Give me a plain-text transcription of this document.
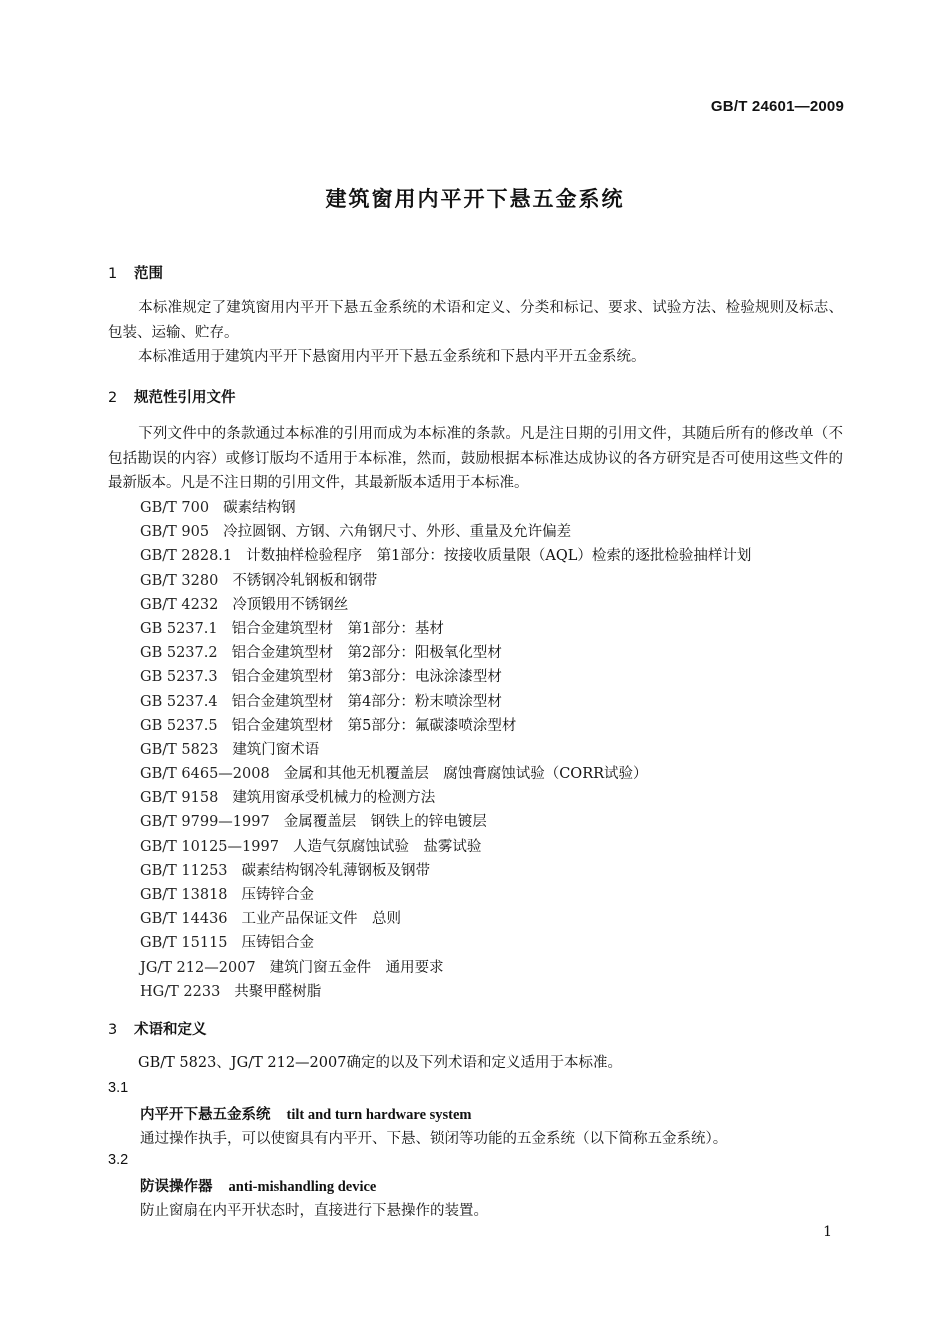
GB/T 24601—2009
建筑窗用内平开下悬五金系统
1 范围
本标准规定了建筑窗用内平开下悬五金系统的术语和定义、分类和标记、要求、试验方法、检验规则及标志、包装、运输、贮存。
本标准适用于建筑内平开下悬窗用内平开下悬五金系统和下悬内平开五金系统。
2 规范性引用文件
下列文件中的条款通过本标准的引用而成为本标准的条款。凡是注日期的引用文件，其随后所有的修改单（不包括勘误的内容）或修订版均不适用于本标准，然而，鼓励根据本标准达成协议的各方研究是否可使用这些文件的最新版本。凡是不注日期的引用文件，其最新版本适用于本标准。
GB/T 700 碳素结构钢
GB/T 905 冷拉圆钢、方钢、六角钢尺寸、外形、重量及允许偏差
GB/T 2828.1 计数抽样检验程序　第1部分：按接收质量限（AQL）检索的逐批检验抽样计划
GB/T 3280 不锈钢冷轧钢板和钢带
GB/T 4232 冷顶锻用不锈钢丝
GB 5237.1 铝合金建筑型材　第1部分：基材
GB 5237.2 铝合金建筑型材　第2部分：阳极氧化型材
GB 5237.3 铝合金建筑型材　第3部分：电泳涂漆型材
GB 5237.4 铝合金建筑型材　第4部分：粉末喷涂型材
GB 5237.5 铝合金建筑型材　第5部分：氟碳漆喷涂型材
GB/T 5823 建筑门窗术语
GB/T 6465—2008 金属和其他无机覆盖层　腐蚀膏腐蚀试验（CORR试验）
GB/T 9158 建筑用窗承受机械力的检测方法
GB/T 9799—1997 金属覆盖层　钢铁上的锌电镀层
GB/T 10125—1997 人造气氛腐蚀试验　盐雾试验
GB/T 11253 碳素结构钢冷轧薄钢板及钢带
GB/T 13818 压铸锌合金
GB/T 14436 工业产品保证文件　总则
GB/T 15115 压铸铝合金
JG/T 212—2007 建筑门窗五金件　通用要求
HG/T 2233 共聚甲醛树脂
3 术语和定义
GB/T 5823、JG/T 212—2007确定的以及下列术语和定义适用于本标准。
3.1
内平开下悬五金系统 tilt and turn hardware system
通过操作执手，可以使窗具有内平开、下悬、锁闭等功能的五金系统（以下简称五金系统）。
3.2
防误操作器 anti-mishandling device
防止窗扇在内平开状态时，直接进行下悬操作的装置。
1
